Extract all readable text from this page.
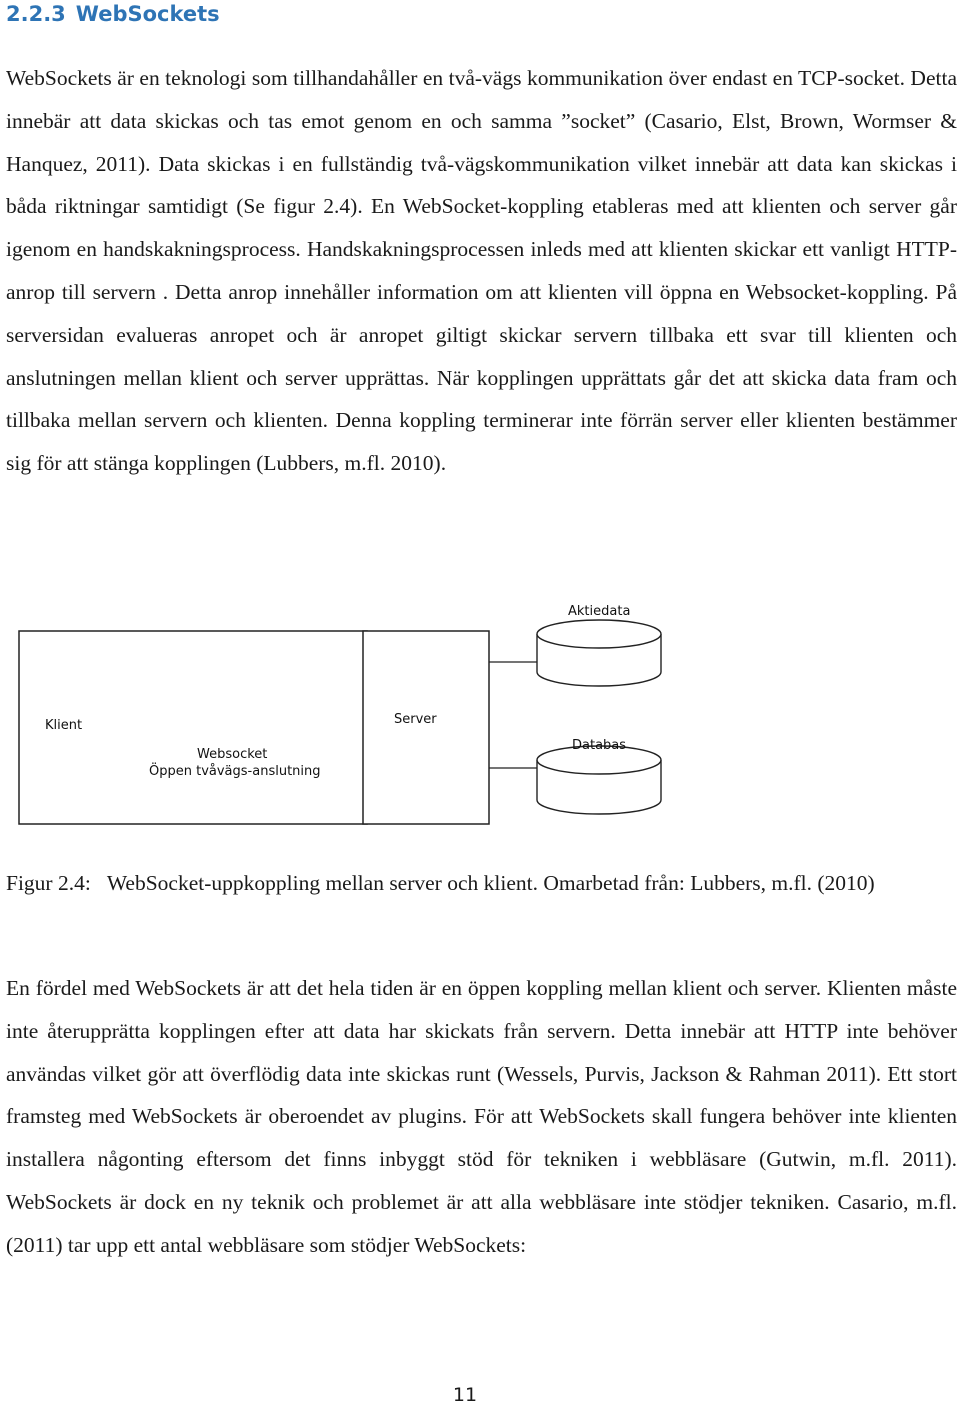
2.2.3 WebSockets
WebSockets är en teknologi som tillhandahåller en två-vägs kommunikation över endast en TCP-socket. Detta innebär att data skickas och tas emot genom en och samma ”socket” (Casario, Elst, Brown, Wormser & Hanquez, 2011). Data skickas i en fullständig två-vägskommunikation vilket innebär att data kan skickas i båda riktningar samtidigt (Se figur 2.4). En WebSocket-koppling etableras med att klienten och server går igenom en handskakningsprocess. Handskakningsprocessen inleds med att klienten skickar ett vanligt HTTP-anrop till servern . Detta anrop innehåller information om att klienten vill öppna en Websocket-koppling. På serversidan evalueras anropet och är anropet giltigt skickar servern tillbaka ett svar till klienten och anslutningen mellan klient och server upprättas. När kopplingen upprättats går det att skicka data fram och tillbaka mellan servern och klienten. Denna koppling terminerar inte förrän server eller klienten bestämmer sig för att stänga kopplingen (Lubbers, m.fl. 2010).
Klient	Server
Websocket
Öppen tvåvägs-anslutning
Aktiedata
Databas
Figur 2.4: WebSocket-uppkoppling mellan server och klient. Omarbetad från: Lubbers, m.fl. (2010)
En fördel med WebSockets är att det hela tiden är en öppen koppling mellan klient och server. Klienten måste inte återupprätta kopplingen efter att data har skickats från servern. Detta innebär att HTTP inte behöver användas vilket gör att överflödig data inte skickas runt (Wessels, Purvis, Jackson & Rahman 2011). Ett stort framsteg med WebSockets är oberoendet av plugins. För att WebSockets skall fungera behöver inte klienten installera någonting eftersom det finns inbyggt stöd för tekniken i webbläsare (Gutwin, m.fl. 2011). WebSockets är dock en ny teknik och problemet är att alla webbläsare inte stödjer tekniken. Casario, m.fl. (2011) tar upp ett antal webbläsare som stödjer WebSockets:
11
